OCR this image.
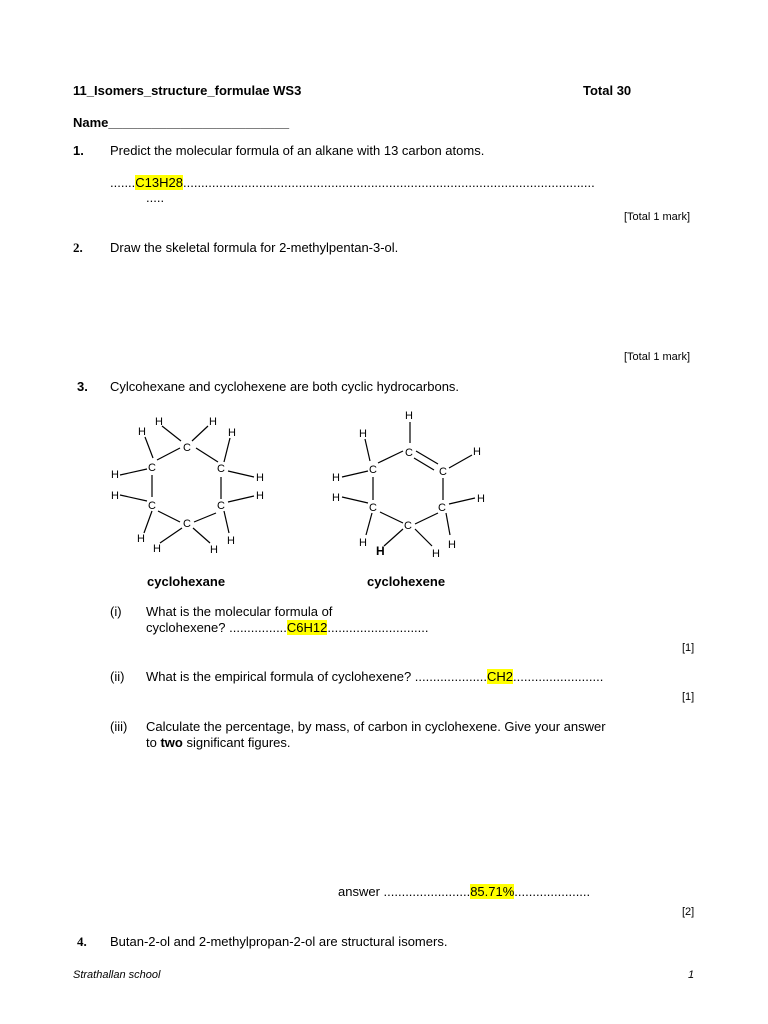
11_Isomers_structure_formulae WS3	Total 30
Name_________________________
1. Predict the molecular formula of an alkane with 13 carbon atoms.
.......C13H28..................................................................................................................
.....
[Total 1 mark]
2. Draw the skeletal formula for 2-methylpentan-3-ol.
[Total 1 mark]
3. Cylcohexane and cyclohexene are both cyclic hydrocarbons.
C
C
C
C
C
C
H
H	H
H
H	H
H	H
H	H
H	H
C
C
C
C
C
C
H
H
H
H
H	H
H	H
H	H
cyclohexane	cyclohexene
(i) What is the molecular formula of
cyclohexene? ................C6H12............................
[1]
(ii) What is the empirical formula of cyclohexene? ....................CH2.........................
[1]
(iii) Calculate the percentage, by mass, of carbon in cyclohexene. Give your answer
to two significant figures.
answer ........................85.71%.....................
[2]
4. Butan-2-ol and 2-methylpropan-2-ol are structural isomers.
Strathallan school	1
